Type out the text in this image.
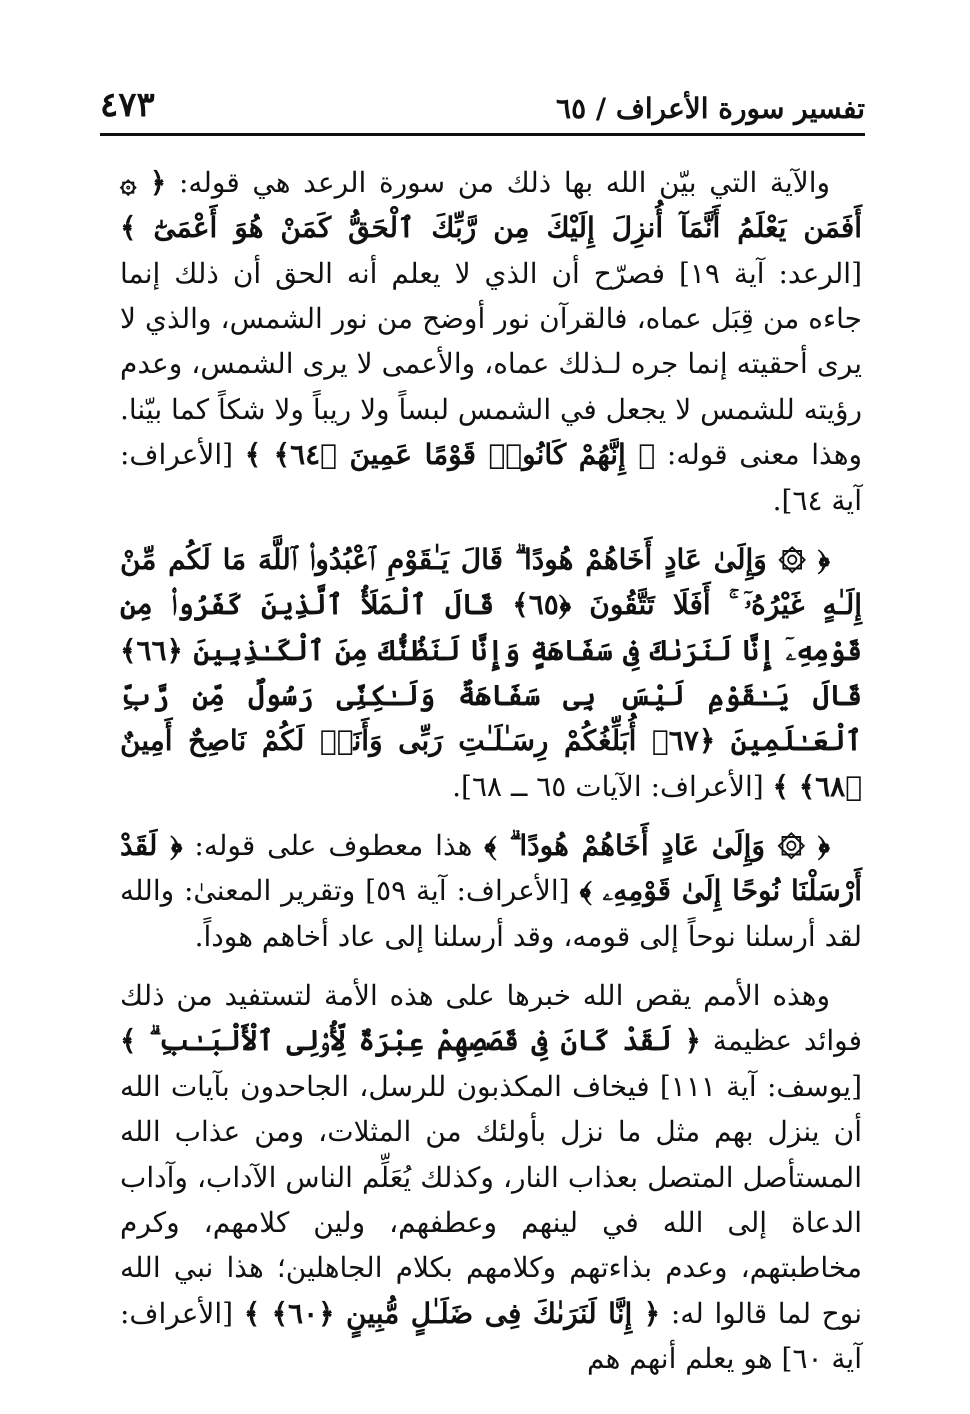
تفسير سورة الأعراف / ٦٥
٤٧٣

والآية التي بيّن الله بها ذلك من سورة الرعد هي قوله: ﴿ ۞ أَفَمَن يَعْلَمُ أَنَّمَآ أُنزِلَ إِلَيْكَ مِن رَّبِّكَ ٱلْحَقُّ كَمَنْ هُوَ أَعْمَىٰٓ ﴾ [الرعد: آية ١٩] فصرّح أن الذي لا يعلم أنه الحق أن ذلك إنما جاءه من قِبَل عماه، فالقرآن نور أوضح من نور الشمس، والذي لا يرى أحقيته إنما جره لـذلك عماه، والأعمى لا يرى الشمس، وعدم رؤيته للشمس لا يجعل في الشمس لبساً ولا ريباً ولا شكاً كما بيّنا. وهذا معنى قوله: ﴿ إِنَّهُمْ كَانُوا۟ قَوْمًا عَمِينَ ﴿٦٤﴾ ﴾ [الأعراف: آية ٦٤].

﴿ ۞ وَإِلَىٰ عَادٍ أَخَاهُمْ هُودًا ۗ قَالَ يَـٰقَوْمِ ٱعْبُدُوا۟ ٱللَّهَ مَا لَكُم مِّنْ إِلَـٰهٍ غَيْرُهُۥٓ ۚ أَفَلَا تَتَّقُونَ ﴿٦٥﴾ قَالَ ٱلْمَلَأُ ٱلَّذِينَ كَفَرُوا۟ مِن قَوْمِهِۦٓ إِنَّا لَنَرَىٰكَ فِى سَفَاهَةٍ وَإِنَّا لَنَظُنُّكَ مِنَ ٱلْكَـٰذِبِينَ ﴿٦٦﴾ قَالَ يَـٰقَوْمِ لَيْسَ بِى سَفَاهَةٌ وَلَـٰكِنِّى رَسُولٌ مِّن رَّبِّ ٱلْعَـٰلَمِينَ ﴿٦٧﴾ أُبَلِّغُكُمْ رِسَـٰلَـٰتِ رَبِّى وَأَنَا۠ لَكُمْ نَاصِحٌ أَمِينٌ ﴿٦٨﴾ ﴾ [الأعراف: الآيات ٦٥ ــ ٦٨].

﴿ ۞ وَإِلَىٰ عَادٍ أَخَاهُمْ هُودًا ۗ ﴾ هذا معطوف على قوله: ﴿ لَقَدْ أَرْسَلْنَا نُوحًا إِلَىٰ قَوْمِهِۦ ﴾ [الأعراف: آية ٥٩] وتقرير المعنىٰ: والله لقد أرسلنا نوحاً إلى قومه، وقد أرسلنا إلى عاد أخاهم هوداً.

وهذه الأمم يقص الله خبرها على هذه الأمة لتستفيد من ذلك فوائد عظيمة ﴿ لَقَدْ كَانَ فِى قَصَصِهِمْ عِبْرَةٌ لِّأُو۟لِى ٱلْأَلْبَـٰبِ ۗ ﴾ [يوسف: آية ١١١] فيخاف المكذبون للرسل، الجاحدون بآيات الله أن ينزل بهم مثل ما نزل بأولئك من المثلات، ومن عذاب الله المستأصل المتصل بعذاب النار، وكذلك يُعَلِّم الناس الآداب، وآداب الدعاة إلى الله في لينهم وعطفهم، ولين كلامهم، وكرم مخاطبتهم، وعدم بذاءتهم وكلامهم بكلام الجاهلين؛ هذا نبي الله نوح لما قالوا له: ﴿ إِنَّا لَنَرَىٰكَ فِى ضَلَـٰلٍ مُّبِينٍ ﴿٦٠﴾ ﴾ [الأعراف: آية ٦٠] هو يعلم أنهم هم
